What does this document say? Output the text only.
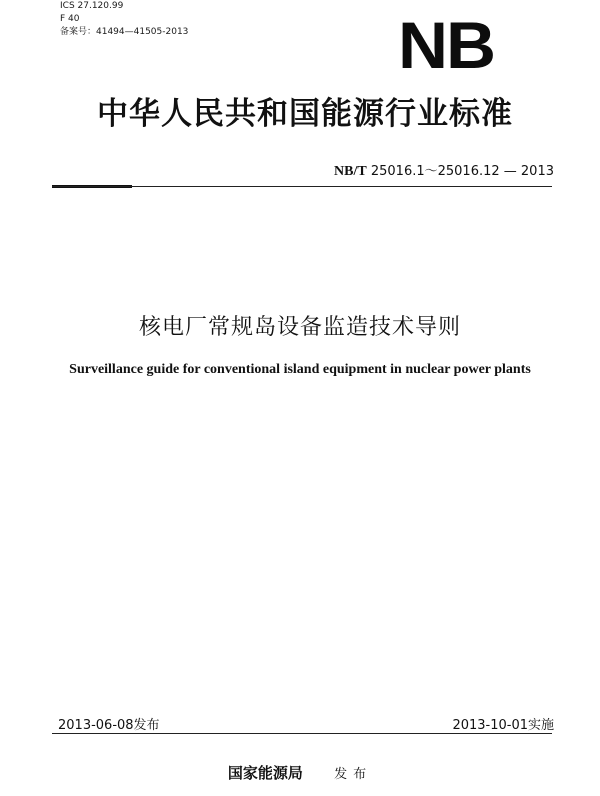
ICS 27.120.99
F 40
备案号：41494—41505-2013	NB
中华人民共和国能源行业标准
NB/T 25016.1～25016.12 — 2013
核电厂常规岛设备监造技术导则
Surveillance guide for conventional island equipment in nuclear power plants
2013-06-08发布	2013-10-01实施
国家能源局 发布
